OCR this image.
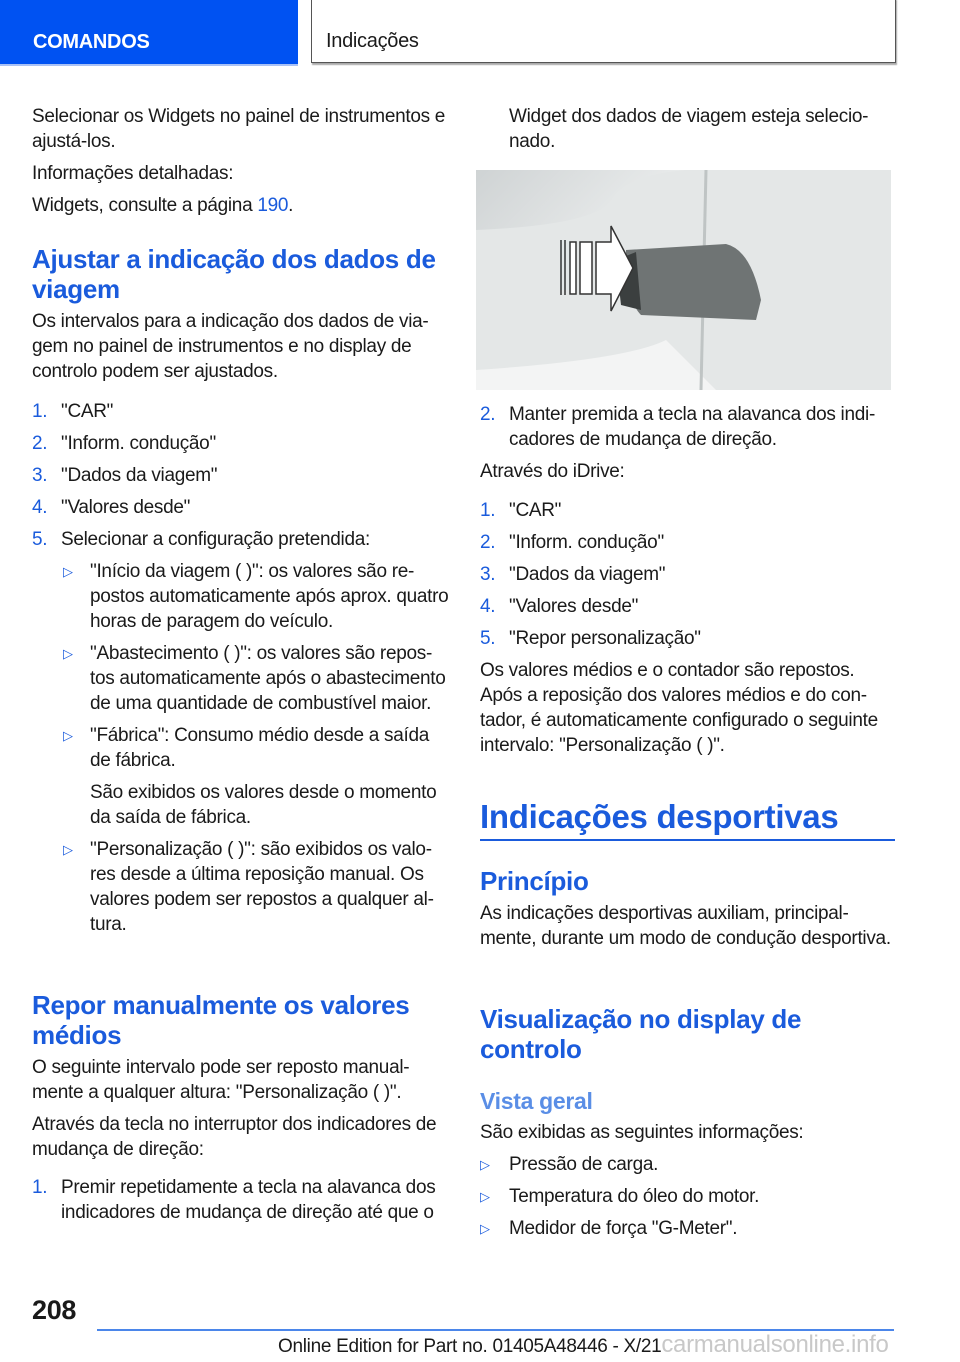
COMANDOS	Indicações

Selecionar os Widgets no painel de instrumentos e ajustá-los.

Informações detalhadas:

Widgets, consulte a página 190.

Ajustar a indicação dos dados de viagem

Os intervalos para a indicação dos dados de viagem no painel de instrumentos e no display de controlo podem ser ajustados.

1. "CAR"
2. "Inform. condução"
3. "Dados da viagem"
4. "Valores desde"
5. Selecionar a configuração pretendida:
▷ "Início da viagem ( )": os valores são repostos automaticamente após aprox. quatro horas de paragem do veículo.
▷ "Abastecimento ( )": os valores são repostos automaticamente após o abastecimento de uma quantidade de combustível maior.
▷ "Fábrica": Consumo médio desde a saída de fábrica.
São exibidos os valores desde o momento da saída de fábrica.
▷ "Personalização ( )": são exibidos os valores desde a última reposição manual. Os valores podem ser repostos a qualquer altura.
Repor manualmente os valores médios

O seguinte intervalo pode ser reposto manualmente a qualquer altura: "Personalização ( )".

Através da tecla no interruptor dos indicadores de mudança de direção:

1. Premir repetidamente a tecla na alavanca dos indicadores de mudança de direção até que o

Widget dos dados de viagem esteja selecionado.

2. Manter premida a tecla na alavanca dos indicadores de mudança de direção.

Através do iDrive:

1. "CAR"
2. "Inform. condução"
3. "Dados da viagem"
4. "Valores desde"
5. "Repor personalização"

Os valores médios e o contador são repostos. Após a reposição dos valores médios e do contador, é automaticamente configurado o seguinte intervalo: "Personalização ( )".

Indicações desportivas
Princípio

As indicações desportivas auxiliam, principalmente, durante um modo de condução desportiva.

Visualização no display de controlo
Vista geral

São exibidas as seguintes informações:

▷ Pressão de carga.
▷ Temperatura do óleo do motor.
▷ Medidor de força "G-Meter".
208
Online Edition for Part no. 01405A48446 - X/21carmanualsonline.info
